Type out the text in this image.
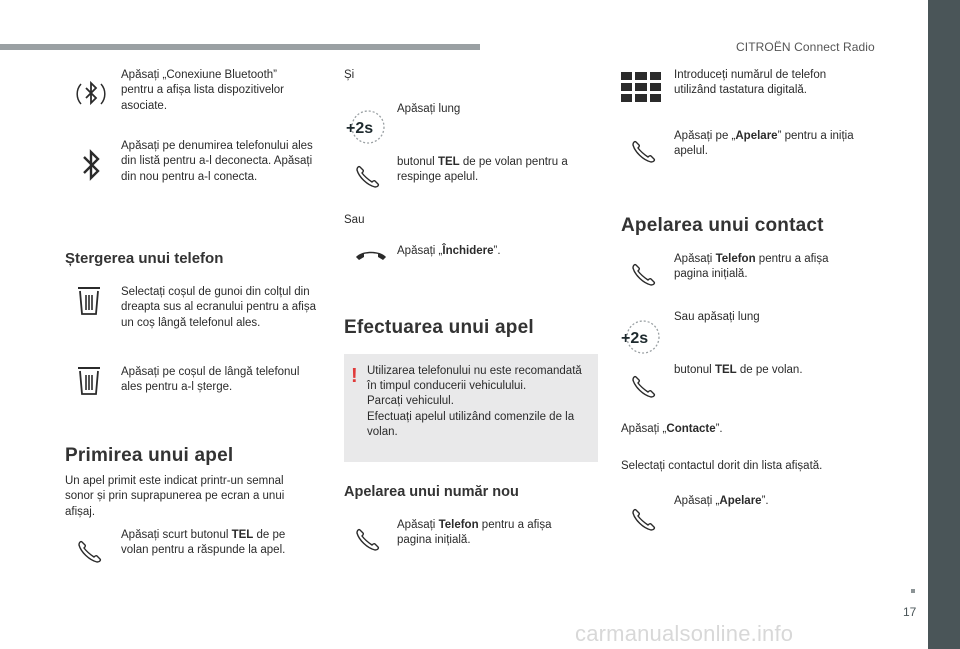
CITROËN Connect Radio
Apăsați „Conexiune Bluetooth” pentru a afișa lista dispozitivelor asociate.
Apăsați pe denumirea telefonului ales din listă pentru a-l deconecta. Apăsați din nou pentru a-l conecta.
Ștergerea unui telefon
Selectați coșul de gunoi din colțul din dreapta sus al ecranului pentru a afișa un coș lângă telefonul ales.
Apăsați pe coșul de lângă telefonul ales pentru a-l șterge.
Primirea unui apel
Un apel primit este indicat printr-un semnal sonor și prin suprapunerea pe ecran a unui afișaj.
Apăsați scurt butonul TEL de pe volan pentru a răspunde la apel.
Și
+2s
Apăsați lung
butonul TEL de pe volan pentru a respinge apelul.
Sau
Apăsați „Închidere”.
Efectuarea unui apel
! Utilizarea telefonului nu este recomandată
în timpul conducerii vehiculului.
Parcați vehiculul.
Efectuați apelul utilizând comenzile de la
volan.
Apelarea unui număr nou
Apăsați Telefon pentru a afișa pagina inițială.
Introduceți numărul de telefon utilizând tastatura digitală.
Apăsați pe „Apelare” pentru a iniția apelul.
Apelarea unui contact
Apăsați Telefon pentru a afișa pagina inițială.
+2s
Sau apăsați lung
butonul TEL de pe volan.
Apăsați „Contacte”.
Selectați contactul dorit din lista afișată.
Apăsați „Apelare”.
17
carmanualsonline.info
